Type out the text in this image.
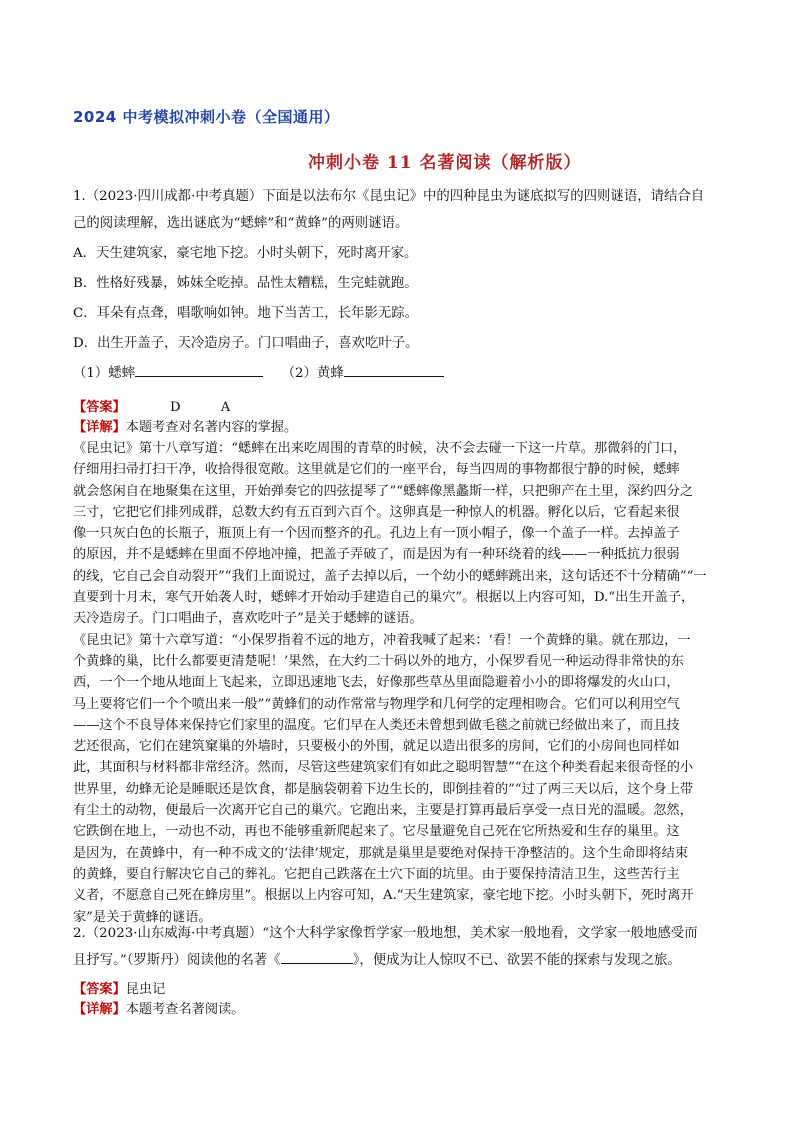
2024 中考模拟冲刺小卷（全国通用）
冲刺小卷 11 名著阅读（解析版）
1.（2023·四川成都·中考真题）下面是以法布尔《昆虫记》中的四种昆虫为谜底拟写的四则谜语，请结合自
己的阅读理解，选出谜底为“蟋蟀”和“黄蜂”的两则谜语。
A．天生建筑家，豪宅地下挖。小时头朝下，死时离开家。
B．性格好残暴，姊妹全吃掉。品性太糟糕，生完蛙就跑。
C．耳朵有点聋，唱歌响如钟。地下当苦工，长年影无踪。
D．出生开盖子，天冷造房子。门口唱曲子，喜欢吃叶子。
（1）蟋蟀	（2）黄蜂

【答案】	D	A

【详解】本题考查对名著内容的掌握。

《昆虫记》第十八章写道：“蟋蟀在出来吃周围的青草的时候，决不会去碰一下这一片草。那微斜的门口，

仔细用扫帚打扫干净，收拾得很宽敞。这里就是它们的一座平台，每当四周的事物都很宁静的时候，蟋蟀

就会悠闲自在地聚集在这里，开始弹奏它的四弦提琴了”“蟋蟀像黑蠡斯一样，只把卵产在土里，深约四分之

三寸，它把它们排列成群，总数大约有五百到六百个。这卵真是一种惊人的机器。孵化以后，它看起来很

像一只灰白色的长瓶子，瓶顶上有一个因而整齐的孔。孔边上有一顶小帽子，像一个盖子一样。去掉盖子

的原因，并不是蟋蟀在里面不停地冲撞，把盖子弄破了，而是因为有一种环绕着的线——一种抵抗力很弱

的线，它自己会自动裂开”“我们上面说过，盖子去掉以后，一个幼小的蟋蟀跳出来，这句话还不十分精确”“一

直要到十月末，寒气开始袭人时，蟋蟀才开始动手建造自己的巢穴”。根据以上内容可知，D.“出生开盖子，

天冷造房子。门口唱曲子，喜欢吃叶子”是关于蟋蟀的谜语。

《昆虫记》第十六章写道：“小保罗指着不远的地方，冲着我喊了起来：‘看！一个黄蜂的巢。就在那边，一

个黄蜂的巢，比什么都要更清楚呢！’果然，在大约二十码以外的地方，小保罗看见一种运动得非常快的东

西，一个一个地从地面上飞起来，立即迅速地飞去，好像那些草丛里面隐避着小小的即将爆发的火山口，

马上要将它们一个个喷出来一般”“黄蜂们的动作常常与物理学和几何学的定理相吻合。它们可以利用空气

——这个不良导体来保持它们家里的温度。它们早在人类还未曾想到做毛毯之前就已经做出来了，而且技

艺还很高，它们在建筑窠巢的外墙时，只要极小的外围，就足以造出很多的房间，它们的小房间也同样如

此，其面积与材料都非常经济。然而，尽管这些建筑家们有如此之聪明智慧”“在这个种类看起来很奇怪的小

世界里，幼蜂无论是睡眠还是饮食，都是脑袋朝着下边生长的，即倒挂着的”“过了两三天以后，这个身上带

有尘土的动物，便最后一次离开它自己的巢穴。它跑出来，主要是打算再最后享受一点日光的温暖。忽然，

它跌倒在地上，一动也不动，再也不能够重新爬起来了。它尽量避免自己死在它所热爱和生存的巢里。这

是因为，在黄蜂中，有一种不成文的‘法律’规定，那就是巢里是要绝对保持干净整洁的。这个生命即将结束

的黄蜂，要自行解决它自己的葬礼。它把自己跌落在土穴下面的坑里。由于要保持清洁卫生，这些苦行主

义者，不愿意自己死在蜂房里”。根据以上内容可知，A.“天生建筑家，豪宅地下挖。小时头朝下，死时离开

家”是关于黄蜂的谜语。

2.（2023·山东威海·中考真题）“这个大科学家像哲学家一般地想，美术家一般地看，文学家一般地感受而
且抒写。”（罗斯丹）阅读他的名著《	》，便成为让人惊叹不已、欲罢不能的探索与发现之旅。

【答案】昆虫记

【详解】本题考查名著阅读。
